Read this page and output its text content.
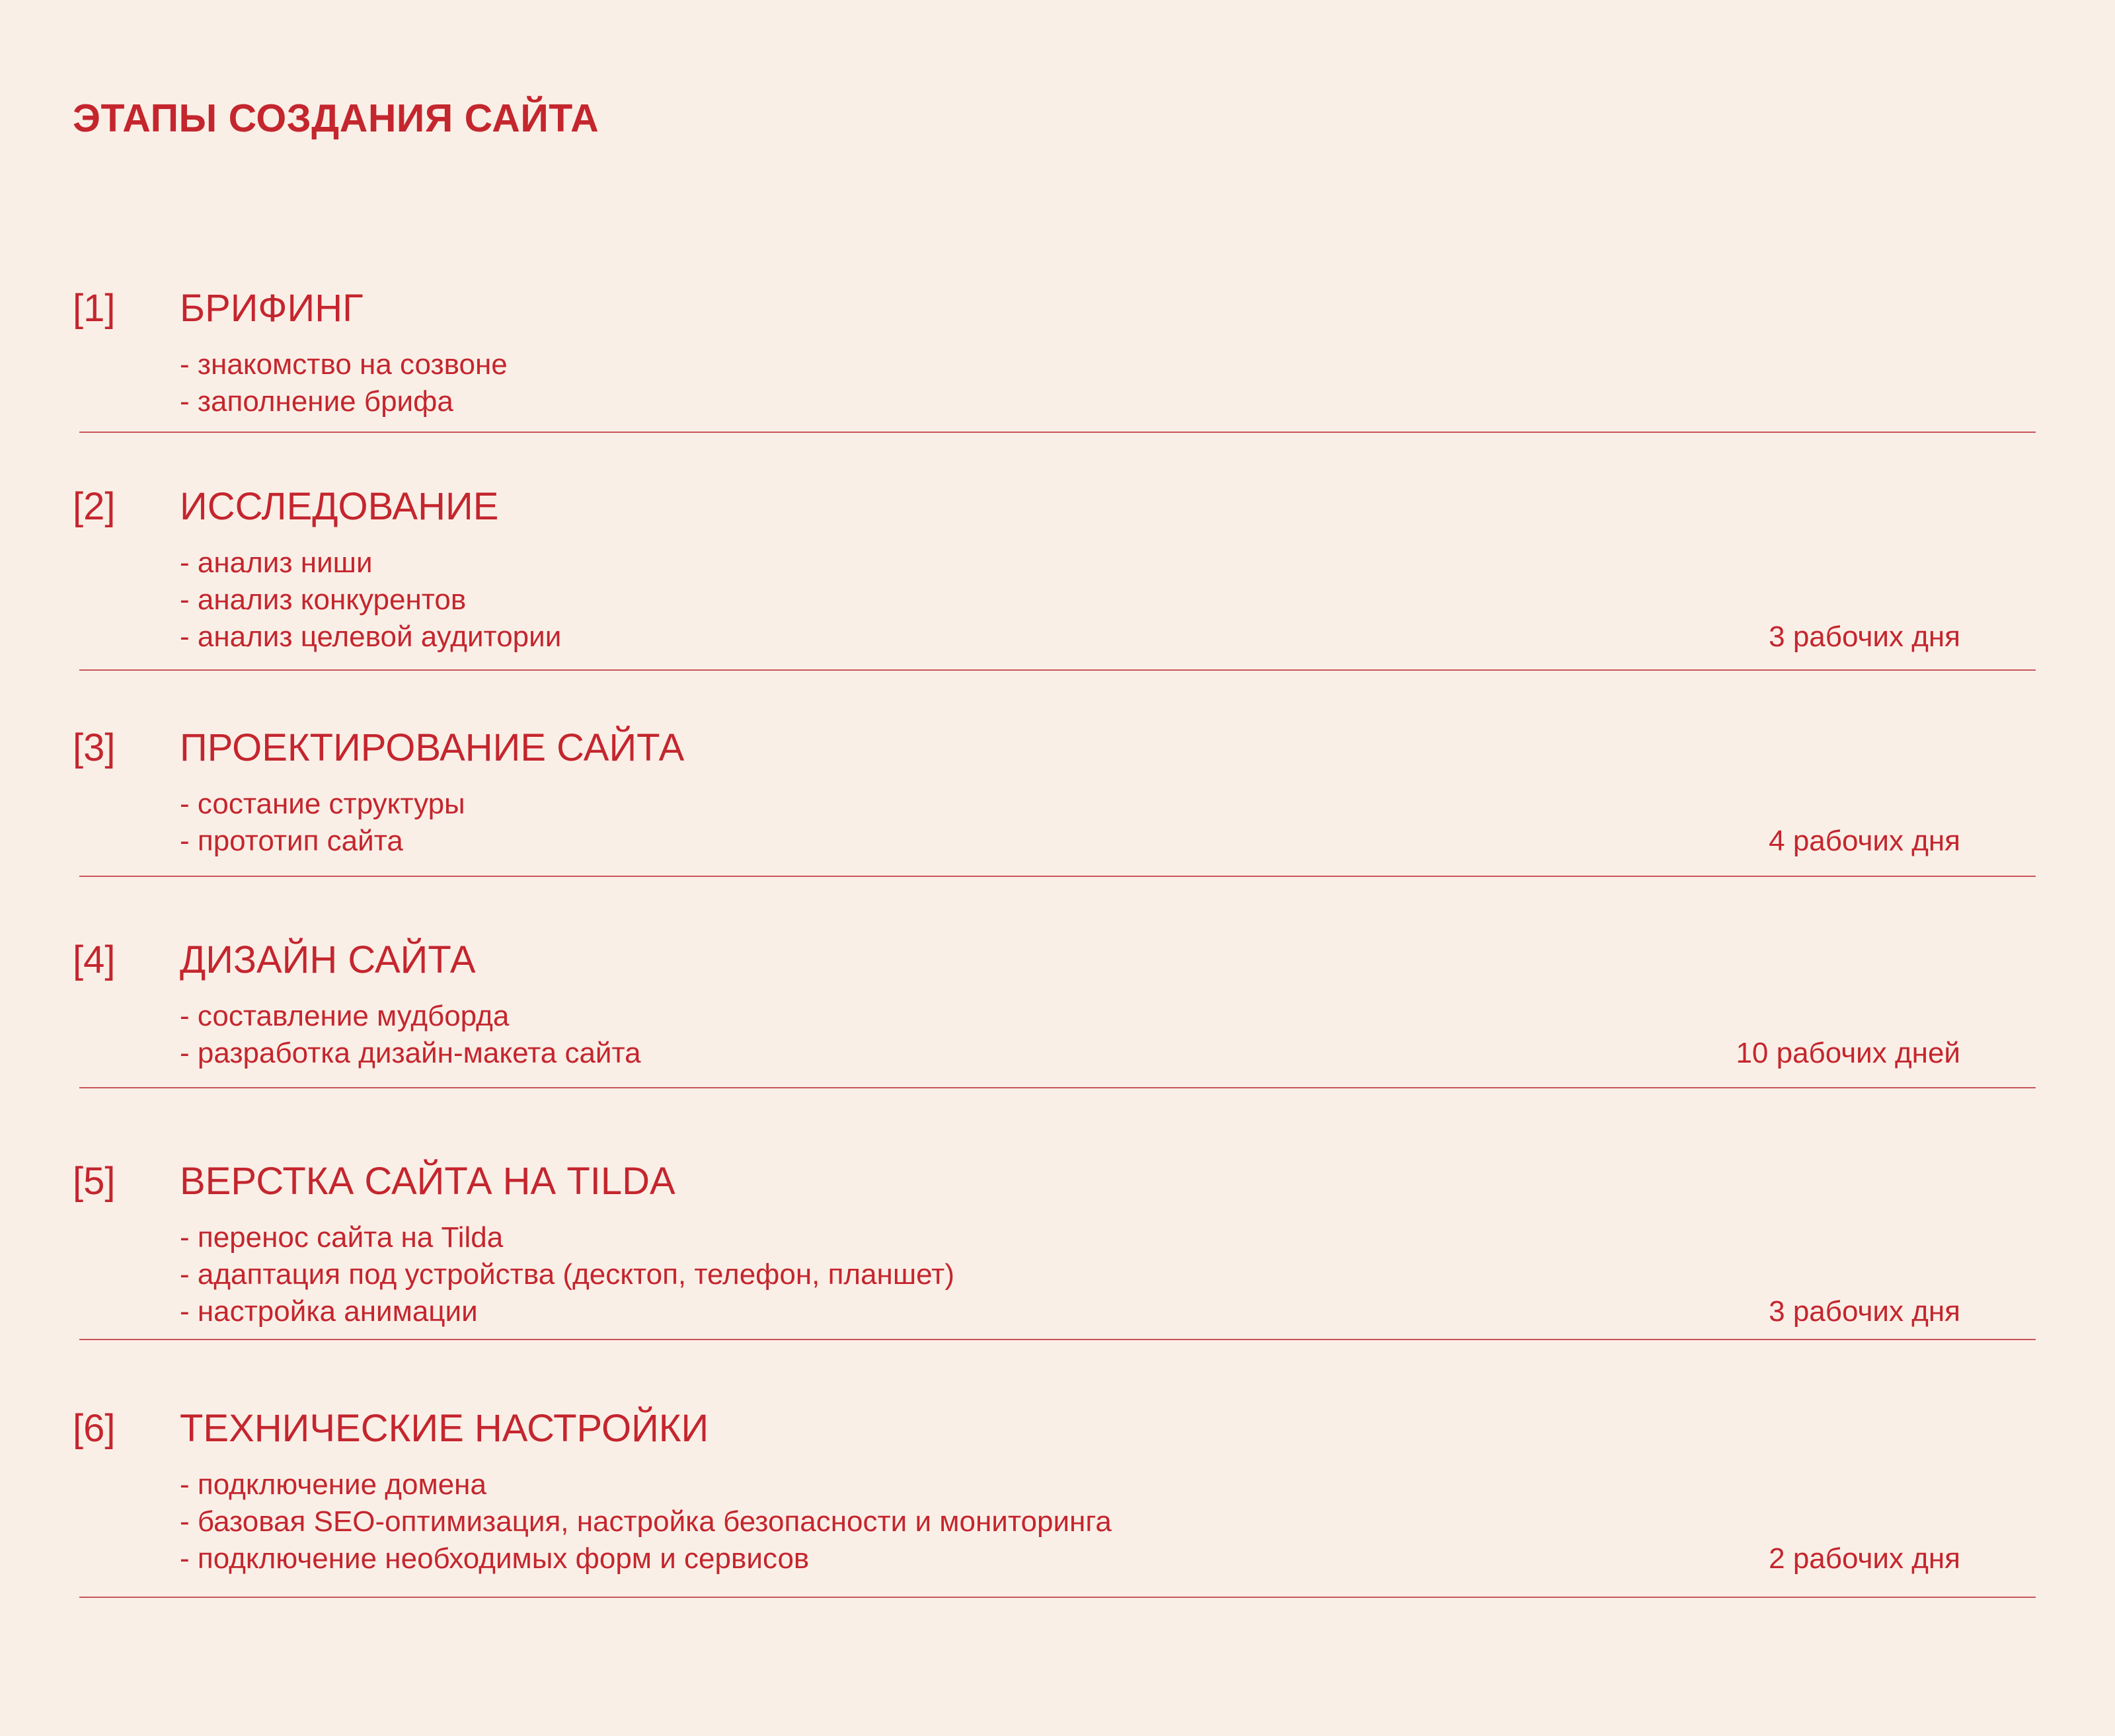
ЭТАПЫ СОЗДАНИЯ САЙТА
[1] БРИФИНГ
- знакомство на созвоне
- заполнение брифа
[2] ИССЛЕДОВАНИЕ
- анализ ниши
- анализ конкурентов
- анализ целевой аудитории	3 рабочих дня
[3] ПРОЕКТИРОВАНИЕ САЙТА
- состание структуры
- прототип сайта	4 рабочих дня
[4] ДИЗАЙН САЙТА
- составление мудборда
- разработка дизайн-макета сайта	10 рабочих дней
[5] ВЕРСТКА САЙТА НА TILDA
- перенос сайта на Tilda
- адаптация под устройства (десктоп, телефон, планшет)
- настройка анимации	3 рабочих дня
[6] ТЕХНИЧЕСКИЕ НАСТРОЙКИ
- подключение домена
- базовая SEO-оптимизация, настройка безопасности и мониторинга
- подключение необходимых форм и сервисов	2 рабочих дня
